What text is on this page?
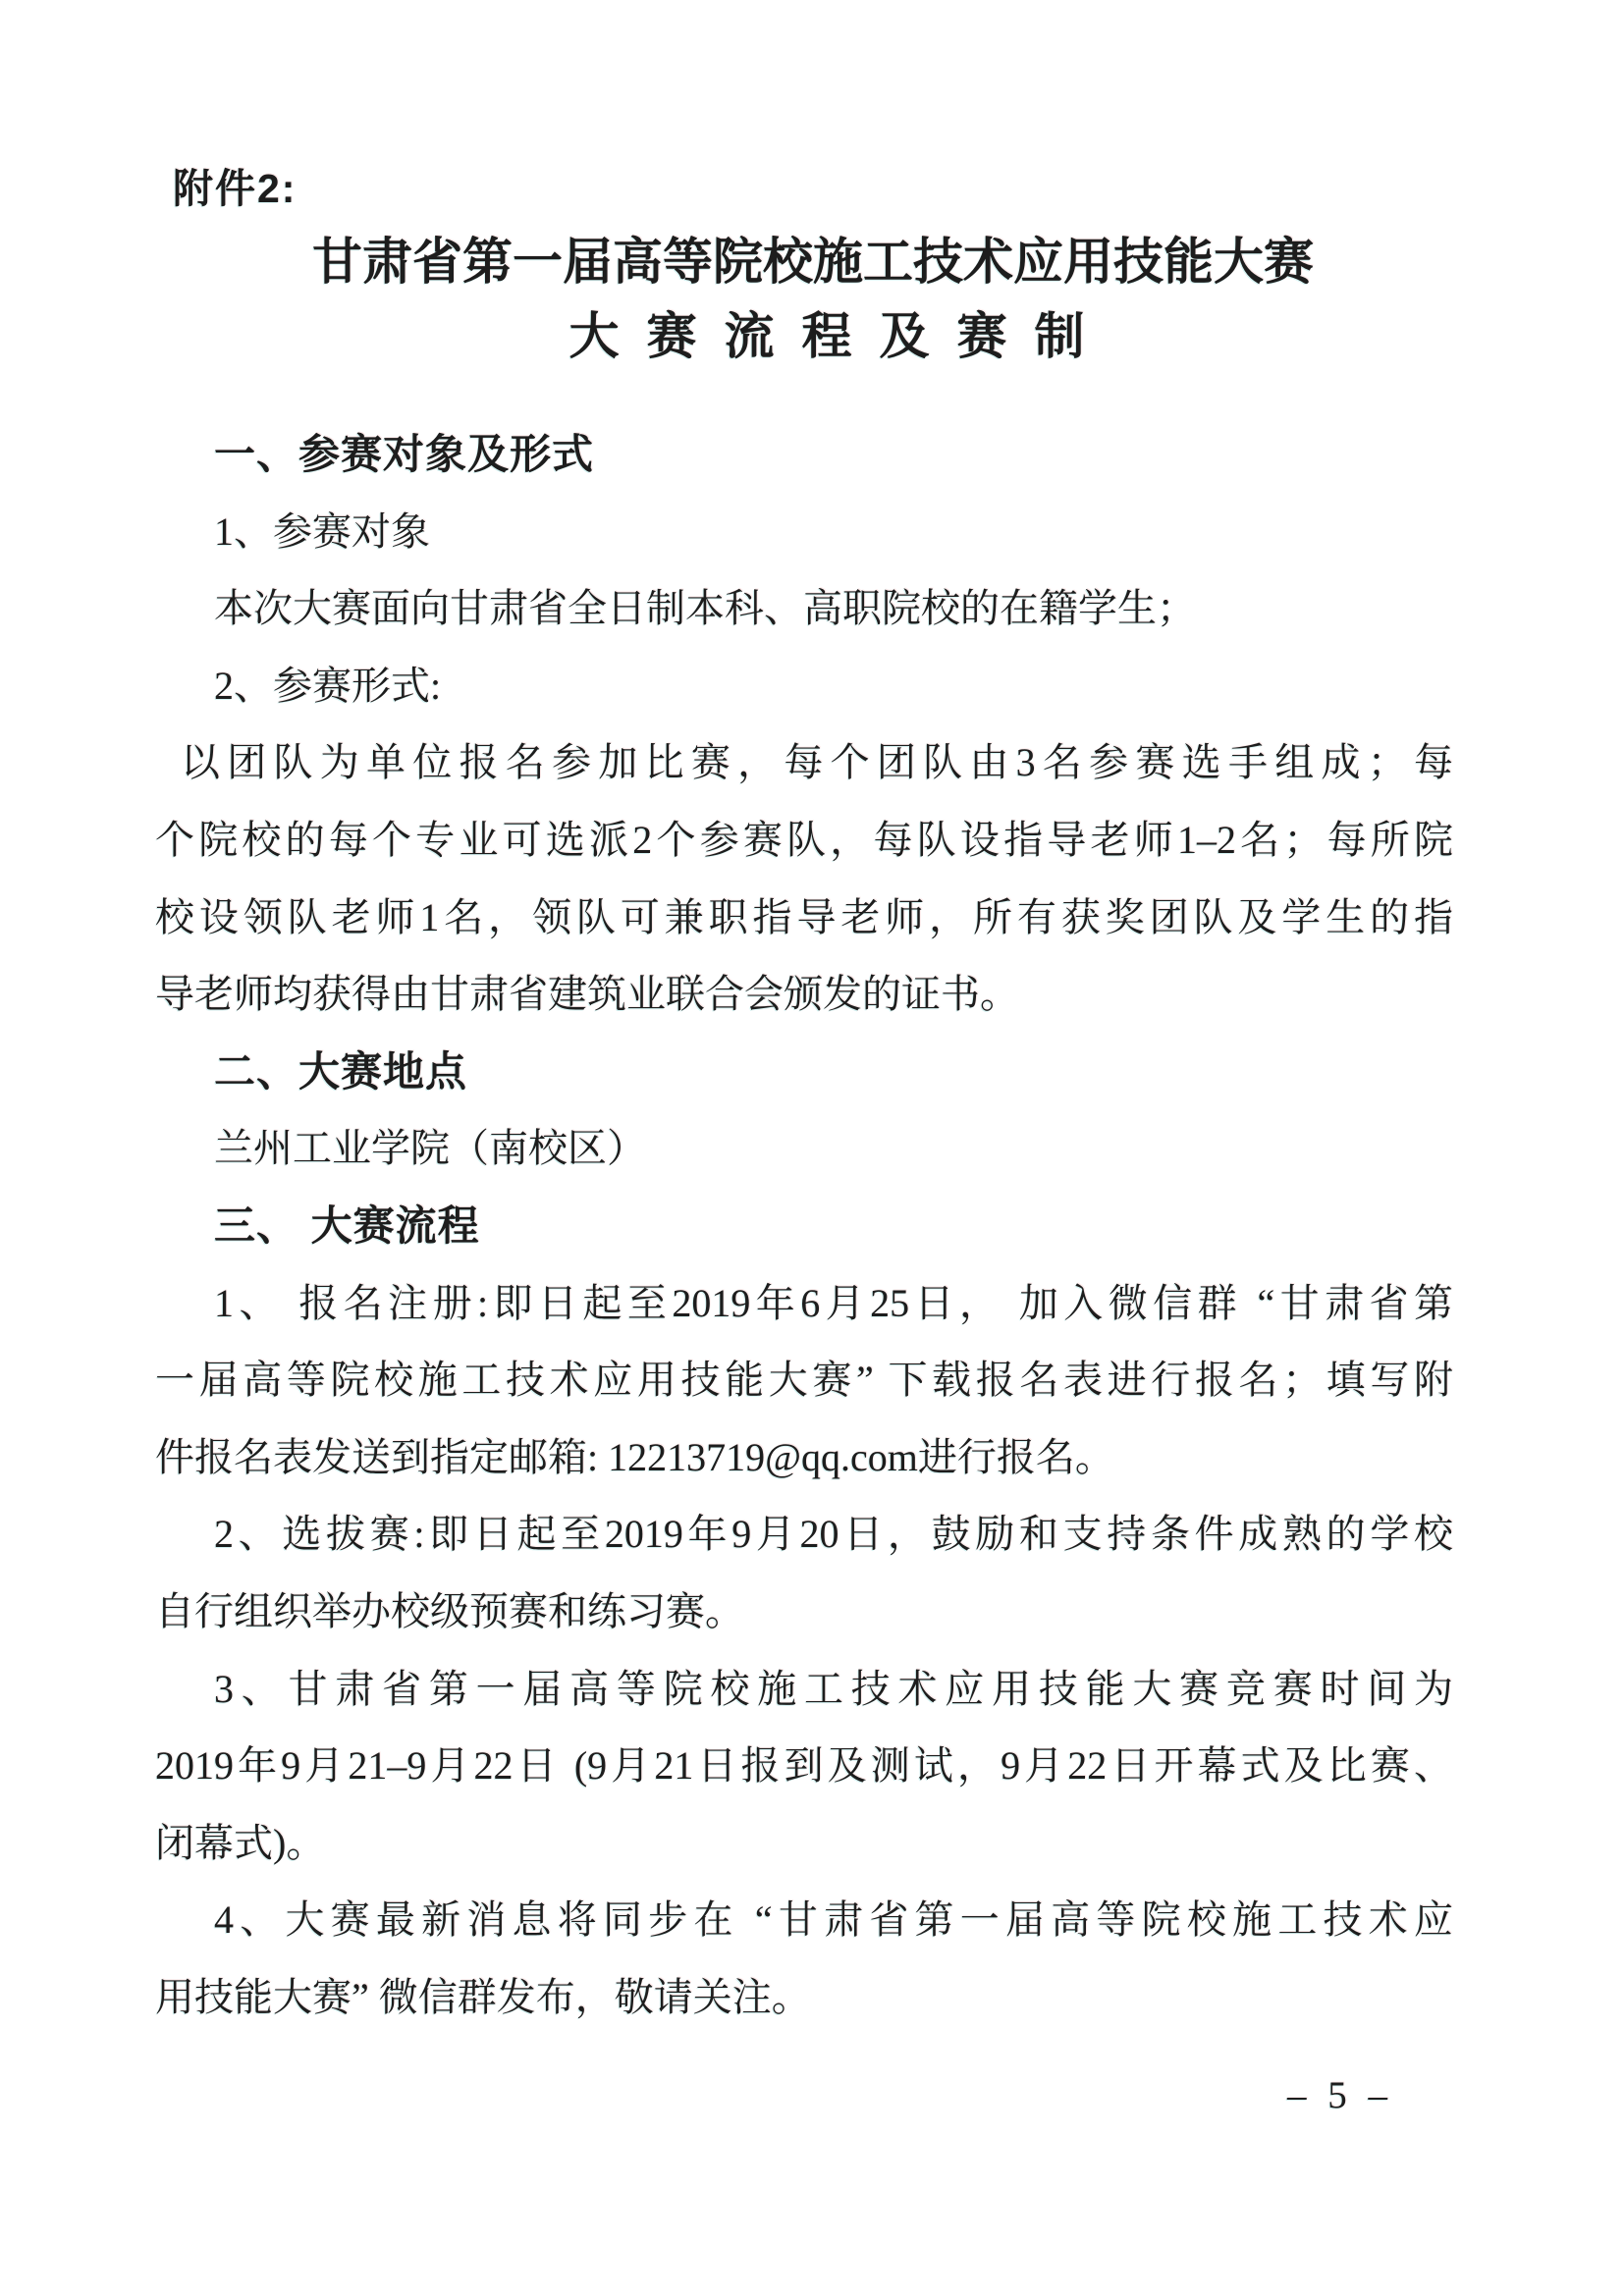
附件2:
甘肃省第一届高等院校施工技术应用技能大赛
大赛流程及赛制
一、参赛对象及形式
1、参赛对象
本次大赛面向甘肃省全日制本科、高职院校的在籍学生；
2、参赛形式:
以团队为单位报名参加比赛，每个团队由3名参赛选手组成；每
个院校的每个专业可选派2个参赛队，每队设指导老师1–2名；每所院
校设领队老师1名，领队可兼职指导老师，所有获奖团队及学生的指
导老师均获得由甘肃省建筑业联合会颁发的证书。
二、大赛地点
兰州工业学院（南校区）
三、 大赛流程
1、 报名注册:即日起至2019年6月25日， 加入微信群 “甘肃省第
一届高等院校施工技术应用技能大赛” 下载报名表进行报名；填写附
件报名表发送到指定邮箱: 12213719@qq.com进行报名。
2、选拔赛:即日起至2019年9月20日，鼓励和支持条件成熟的学校
自行组织举办校级预赛和练习赛。
3、甘肃省第一届高等院校施工技术应用技能大赛竞赛时间为
2019年9月21–9月22日 (9月21日报到及测试，9月22日开幕式及比赛、
闭幕式)。
4、大赛最新消息将同步在 “甘肃省第一届高等院校施工技术应
用技能大赛” 微信群发布，敬请关注。
– 5 –
